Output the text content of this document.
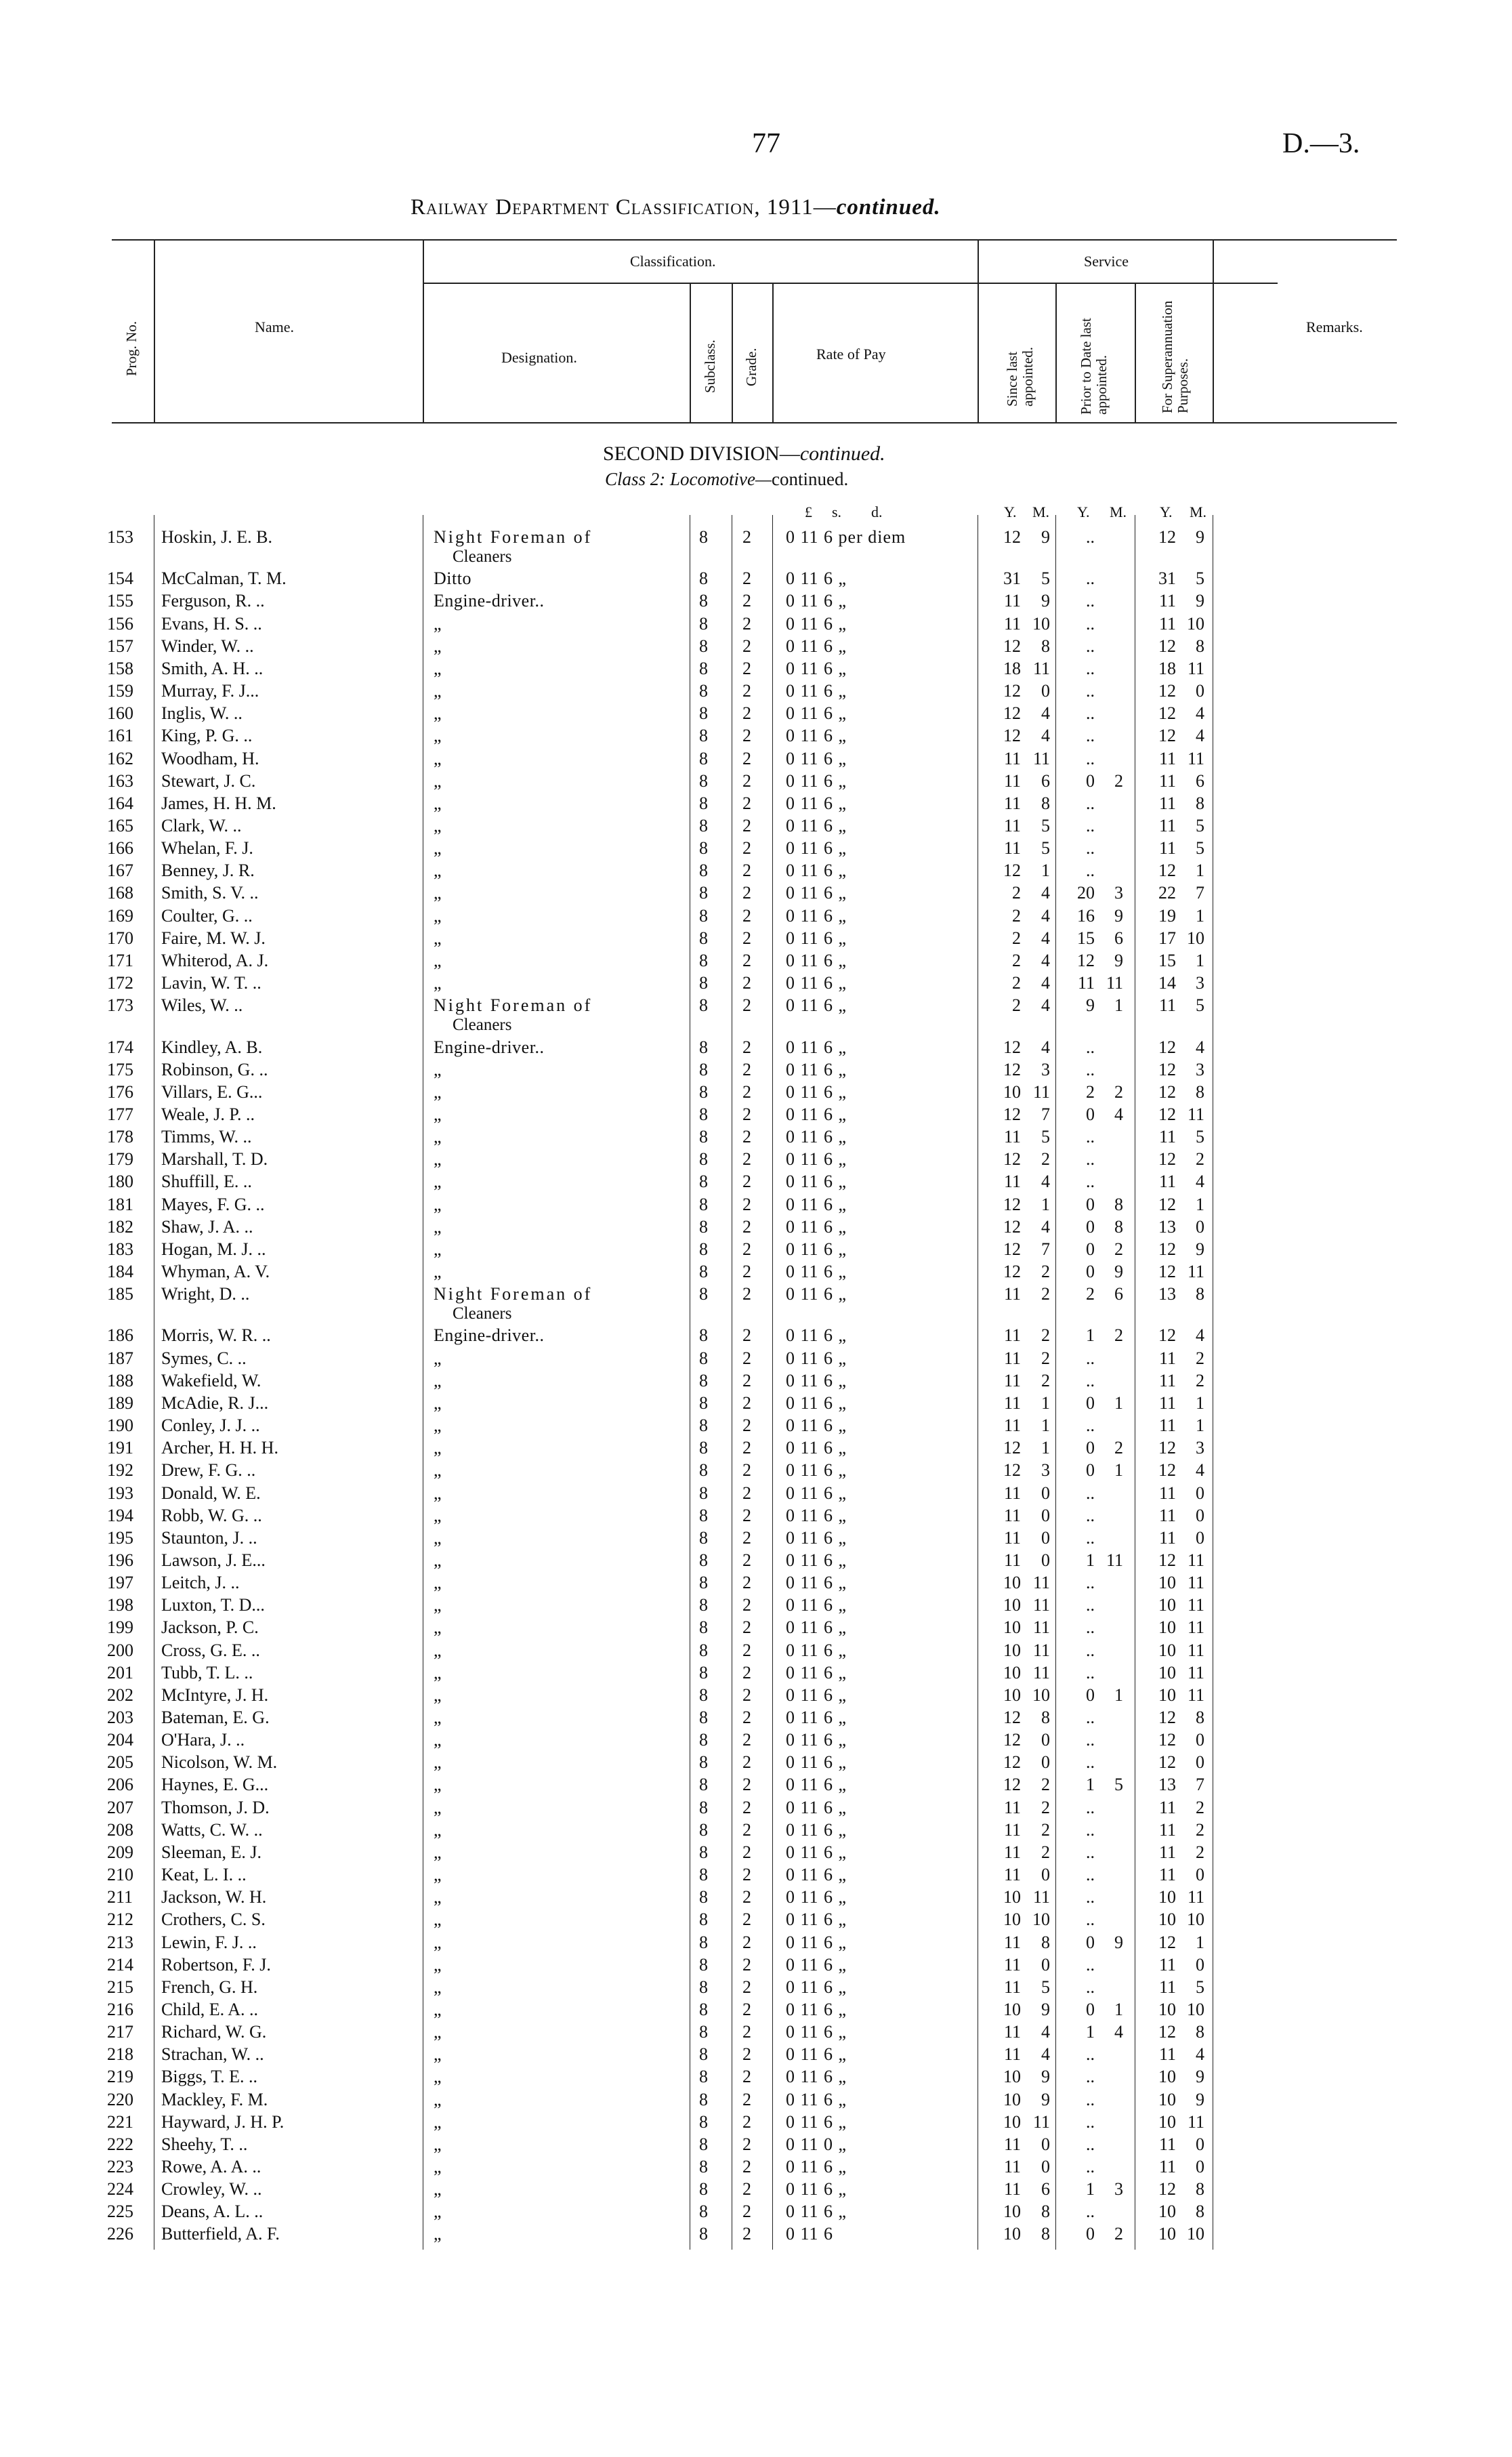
77	D.—3.
Railway Department Classification, 1911—continued.
Prog. No.	Name.
Classification.
Designation.	Subclass. Grade.	Rate of Pay
Service
Since last appointed.	Prior to Date last appointed.	For Superannuation Purposes.
Remarks.
SECOND DIVISION—continued.
Class 2: Locomotive—continued.
£ s. d.	Y. M. Y. M. Y. M.
153	Hoskin, J. E. B.	Night Foreman of	8 2 0 11 6 per diem	12	9	..	12	9
Cleaners
154	McCalman, T. M.	Ditto	8 2 0 11 6 „	31	5	..	31	5
155	Ferguson, R. ..	Engine-driver..	8 2 0 11 6 „	11	9	..	11	9
156	Evans, H. S. ..	„	8 2 0 11 6 „	11 10	..	11 10
157	Winder, W. ..	„	8 2 0 11 6 „	12	8	..	12	8
158	Smith, A. H. ..	„	8 2 0 11 6 „	18 11	..	18 11
159	Murray, F. J...	„	8 2 0 11 6 „	12	0	..	12	0
160	Inglis, W. ..	„	8 2 0 11 6 „	12	4	..	12	4
161	King, P. G. ..	„	8 2 0 11 6 „	12	4	..	12	4
162	Woodham, H.	„	8 2 0 11 6 „	11 11	..	11 11
163	Stewart, J. C.	„	8 2 0 11 6 „	11	6	0	2	11	6
164	James, H. H. M.	„	8 2 0 11 6 „	11	8	..	11	8
165	Clark, W. ..	„	8 2 0 11 6 „	11	5	..	11	5
166	Whelan, F. J.	„	8 2 0 11 6 „	11	5	..	11	5
167	Benney, J. R.	„	8 2 0 11 6 „	12	1	..	12	1
168	Smith, S. V. ..	„	8 2 0 11 6 „	2	4	20	3	22	7
169	Coulter, G. ..	„	8 2 0 11 6 „	2	4	16	9	19	1
170	Faire, M. W. J.	„	8 2 0 11 6 „	2	4	15	6	17 10
171	Whiterod, A. J.	„	8 2 0 11 6 „	2	4	12	9	15	1
172	Lavin, W. T. ..	„	8 2 0 11 6 „	2	4	11 11	14	3
173	Wiles, W. ..	Night Foreman of	8 2 0 11 6 „	2	4	9	1	11	5
Cleaners
174	Kindley, A. B.	Engine-driver..	8 2 0 11 6 „	12	4	..	12	4
175	Robinson, G. ..	„	8 2 0 11 6 „	12	3	..	12	3
176	Villars, E. G...	„	8 2 0 11 6 „	10 11	2	2	12	8
177	Weale, J. P. ..	„	8 2 0 11 6 „	12	7	0	4	12 11
178	Timms, W. ..	„	8 2 0 11 6 „	11	5	..	11	5
179	Marshall, T. D.	„	8 2 0 11 6 „	12	2	..	12	2
180	Shuffill, E. ..	„	8 2 0 11 6 „	11	4	..	11	4
181	Mayes, F. G. ..	„	8 2 0 11 6 „	12	1	0	8	12	1
182	Shaw, J. A. ..	„	8 2 0 11 6 „	12	4	0	8	13	0
183	Hogan, M. J. ..	„	8 2 0 11 6 „	12	7	0	2	12	9
184	Whyman, A. V.	„	8 2 0 11 6 „	12	2	0	9	12 11
185	Wright, D. ..	Night Foreman of	8 2 0 11 6 „	11	2	2	6	13	8
Cleaners
186	Morris, W. R. ..	Engine-driver..	8 2 0 11 6 „	11	2	1	2	12	4
187	Symes, C. ..	„	8 2 0 11 6 „	11	2	..	11	2
188	Wakefield, W.	„	8 2 0 11 6 „	11	2	..	11	2
189	McAdie, R. J...	„	8 2 0 11 6 „	11	1	0	1	11	1
190	Conley, J. J. ..	„	8 2 0 11 6 „	11	1	..	11	1
191	Archer, H. H. H.	„	8 2 0 11 6 „	12	1	0	2	12	3
192	Drew, F. G. ..	„	8 2 0 11 6 „	12	3	0	1	12	4
193	Donald, W. E.	„	8 2 0 11 6 „	11	0	..	11	0
194	Robb, W. G. ..	„	8 2 0 11 6 „	11	0	..	11	0
195	Staunton, J. ..	„	8 2 0 11 6 „	11	0	..	11	0
196	Lawson, J. E...	„	8 2 0 11 6 „	11	0	1 11	12 11
197	Leitch, J. ..	„	8 2 0 11 6 „	10 11	..	10 11
198	Luxton, T. D...	„	8 2 0 11 6 „	10 11	..	10 11
199	Jackson, P. C.	„	8 2 0 11 6 „	10 11	..	10 11
200	Cross, G. E. ..	„	8 2 0 11 6 „	10 11	..	10 11
201	Tubb, T. L. ..	„	8 2 0 11 6 „	10 11	..	10 11
202	McIntyre, J. H.	„	8 2 0 11 6 „	10 10	0	1	10 11
203	Bateman, E. G.	„	8 2 0 11 6 „	12	8	..	12	8
204	O'Hara, J. ..	„	8 2 0 11 6 „	12	0	..	12	0
205	Nicolson, W. M.	„	8 2 0 11 6 „	12	0	..	12	0
206	Haynes, E. G...	„	8 2 0 11 6 „	12	2	1	5	13	7
207	Thomson, J. D.	„	8 2 0 11 6 „	11	2	..	11	2
208	Watts, C. W. ..	„	8 2 0 11 6 „	11	2	..	11	2
209	Sleeman, E. J.	„	8 2 0 11 6 „	11	2	..	11	2
210	Keat, L. I. ..	„	8 2 0 11 6 „	11	0	..	11	0
211	Jackson, W. H.	„	8 2 0 11 6 „	10 11	..	10 11
212	Crothers, C. S.	„	8 2 0 11 6 „	10 10	..	10 10
213	Lewin, F. J. ..	„	8 2 0 11 6 „	11	8	0	9	12	1
214	Robertson, F. J.	„	8 2 0 11 6 „	11	0	..	11	0
215	French, G. H.	„	8 2 0 11 6 „	11	5	..	11	5
216	Child, E. A. ..	„	8 2 0 11 6 „	10	9	0	1	10 10
217	Richard, W. G.	„	8 2 0 11 6 „	11	4	1	4	12	8
218	Strachan, W. ..	„	8 2 0 11 6 „	11	4	..	11	4
219	Biggs, T. E. ..	„	8 2 0 11 6 „	10	9	..	10	9
220	Mackley, F. M.	„	8 2 0 11 6 „	10	9	..	10	9
221	Hayward, J. H. P.	„	8 2 0 11 6 „	10 11	..	10 11
222	Sheehy, T. ..	„	8 2 0 11 0 „	11	0	..	11	0
223	Rowe, A. A. ..	„	8 2 0 11 6 „	11	0	..	11	0
224	Crowley, W. ..	„	8 2 0 11 6 „	11	6	1	3	12	8
225	Deans, A. L. ..	„	8 2 0 11 6 „	10	8	..	10	8
226	Butterfield, A. F.	„	8 2 0 11 6	10	8	0	2	10 10
